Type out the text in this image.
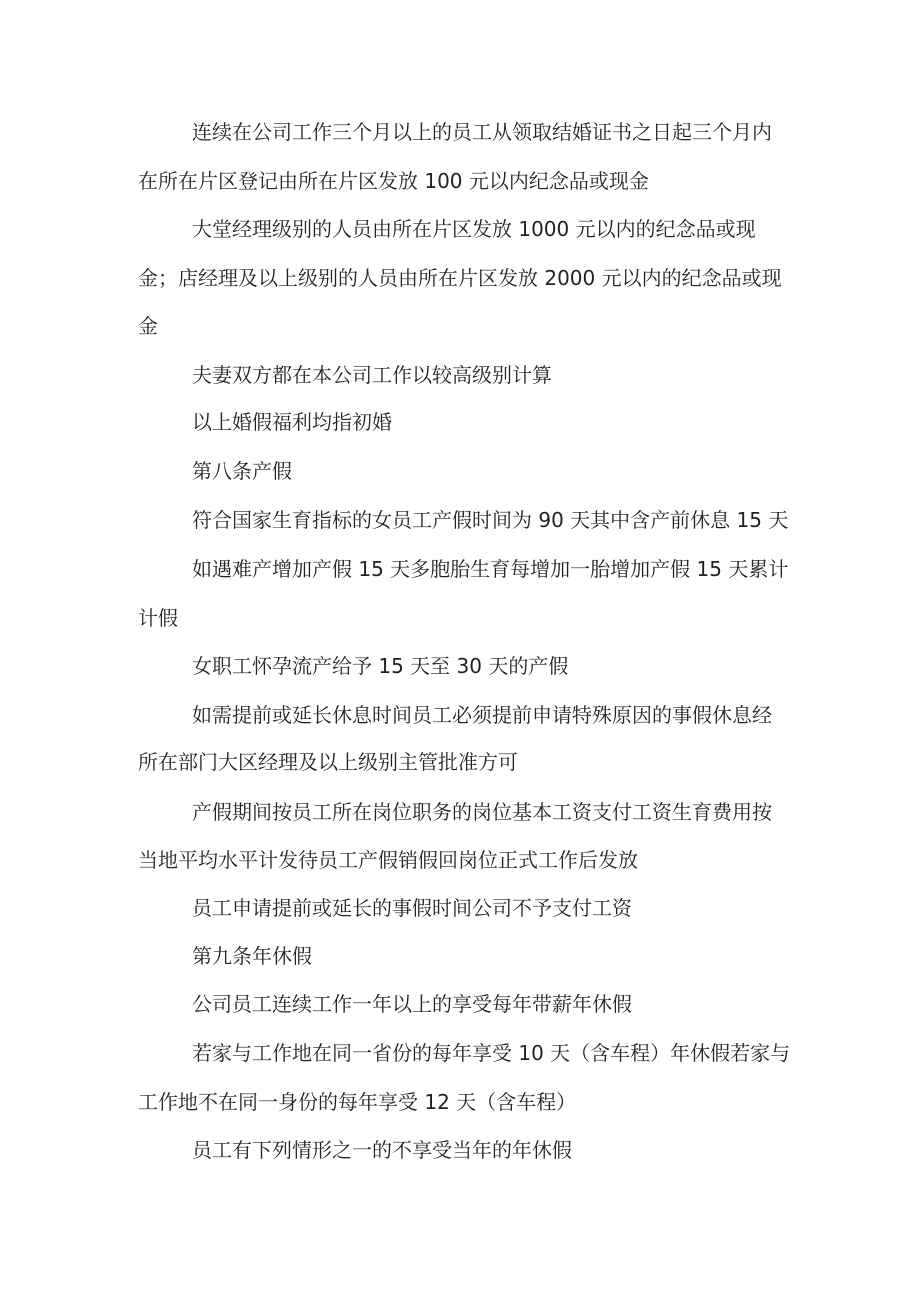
连续在公司工作三个月以上的员工从领取结婚证书之日起三个月内
在所在片区登记由所在片区发放 100 元以内纪念品或现金
大堂经理级别的人员由所在片区发放 1000 元以内的纪念品或现
金；店经理及以上级别的人员由所在片区发放 2000 元以内的纪念品或现
金
夫妻双方都在本公司工作以较高级别计算
以上婚假福利均指初婚
第八条产假
符合国家生育指标的女员工产假时间为 90 天其中含产前休息 15 天
如遇难产增加产假 15 天多胞胎生育每增加一胎增加产假 15 天累计
计假
女职工怀孕流产给予 15 天至 30 天的产假
如需提前或延长休息时间员工必须提前申请特殊原因的事假休息经
所在部门大区经理及以上级别主管批准方可
产假期间按员工所在岗位职务的岗位基本工资支付工资生育费用按
当地平均水平计发待员工产假销假回岗位正式工作后发放
员工申请提前或延长的事假时间公司不予支付工资
第九条年休假
公司员工连续工作一年以上的享受每年带薪年休假
若家与工作地在同一省份的每年享受 10 天（含车程）年休假若家与
工作地不在同一身份的每年享受 12 天（含车程）
员工有下列情形之一的不享受当年的年休假
